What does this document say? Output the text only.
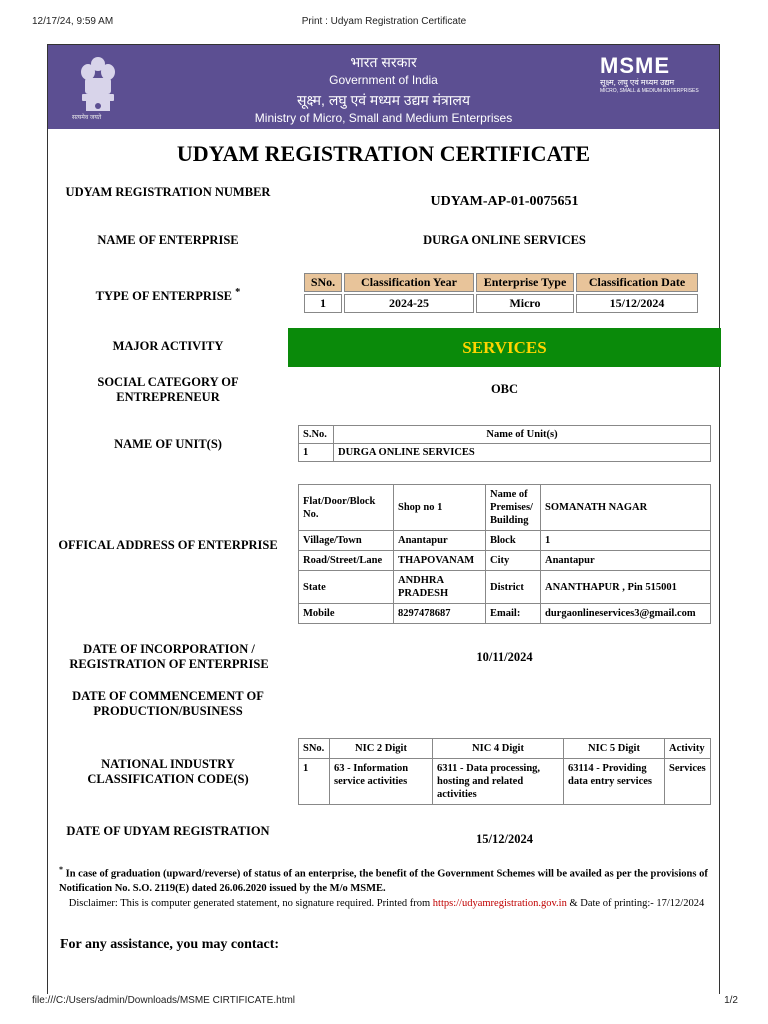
12/17/24, 9:59 AM	Print : Udyam Registration Certificate
सत्यमेव जयते
भारत सरकार
Government of India
सूक्ष्म, लघु एवं मध्यम उद्यम मंत्रालय
Ministry of Micro, Small and Medium Enterprises
MSME
सूक्ष्म, लघु एवं मध्यम उद्यम
MICRO, SMALL & MEDIUM ENTERPRISES
UDYAM REGISTRATION CERTIFICATE
UDYAM REGISTRATION NUMBER
UDYAM-AP-01-0075651
NAME OF ENTERPRISE	DURGA ONLINE SERVICES
TYPE OF ENTERPRISE *
SNo.	Classification Year	Enterprise Type	Classification Date
1	2024-25	Micro	15/12/2024
MAJOR ACTIVITY	SERVICES
SOCIAL CATEGORY OF ENTREPRENEUR
OBC
NAME OF UNIT(S)
S.No.	Name of Unit(s)
1	DURGA ONLINE SERVICES
OFFICAL ADDRESS OF ENTERPRISE
Flat/Door/Block No.	Shop no 1	Name of Premises/ Building	SOMANATH NAGAR
Village/Town	Anantapur	Block	1
Road/Street/Lane	THAPOVANAM	City	Anantapur
State	ANDHRA PRADESH	District	ANANTHAPUR , Pin 515001
Mobile	8297478687	Email:	durgaonlineservices3@gmail.com
DATE OF INCORPORATION / REGISTRATION OF ENTERPRISE	10/11/2024
DATE OF COMMENCEMENT OF PRODUCTION/BUSINESS
NATIONAL INDUSTRY CLASSIFICATION CODE(S)
SNo.	NIC 2 Digit	NIC 4 Digit	NIC 5 Digit	Activity
1	63 - Information service activities	6311 - Data processing, hosting and related activities	63114 - Providing data entry services	Services
DATE OF UDYAM REGISTRATION
15/12/2024
* In case of graduation (upward/reverse) of status of an enterprise, the benefit of the Government Schemes will be availed as per the provisions of Notification No. S.O. 2119(E) dated 26.06.2020 issued by the M/o MSME.
Disclaimer: This is computer generated statement, no signature required. Printed from https://udyamregistration.gov.in & Date of printing:- 17/12/2024
For any assistance, you may contact:
file:///C:/Users/admin/Downloads/MSME CIRTIFICATE.html	1/2
